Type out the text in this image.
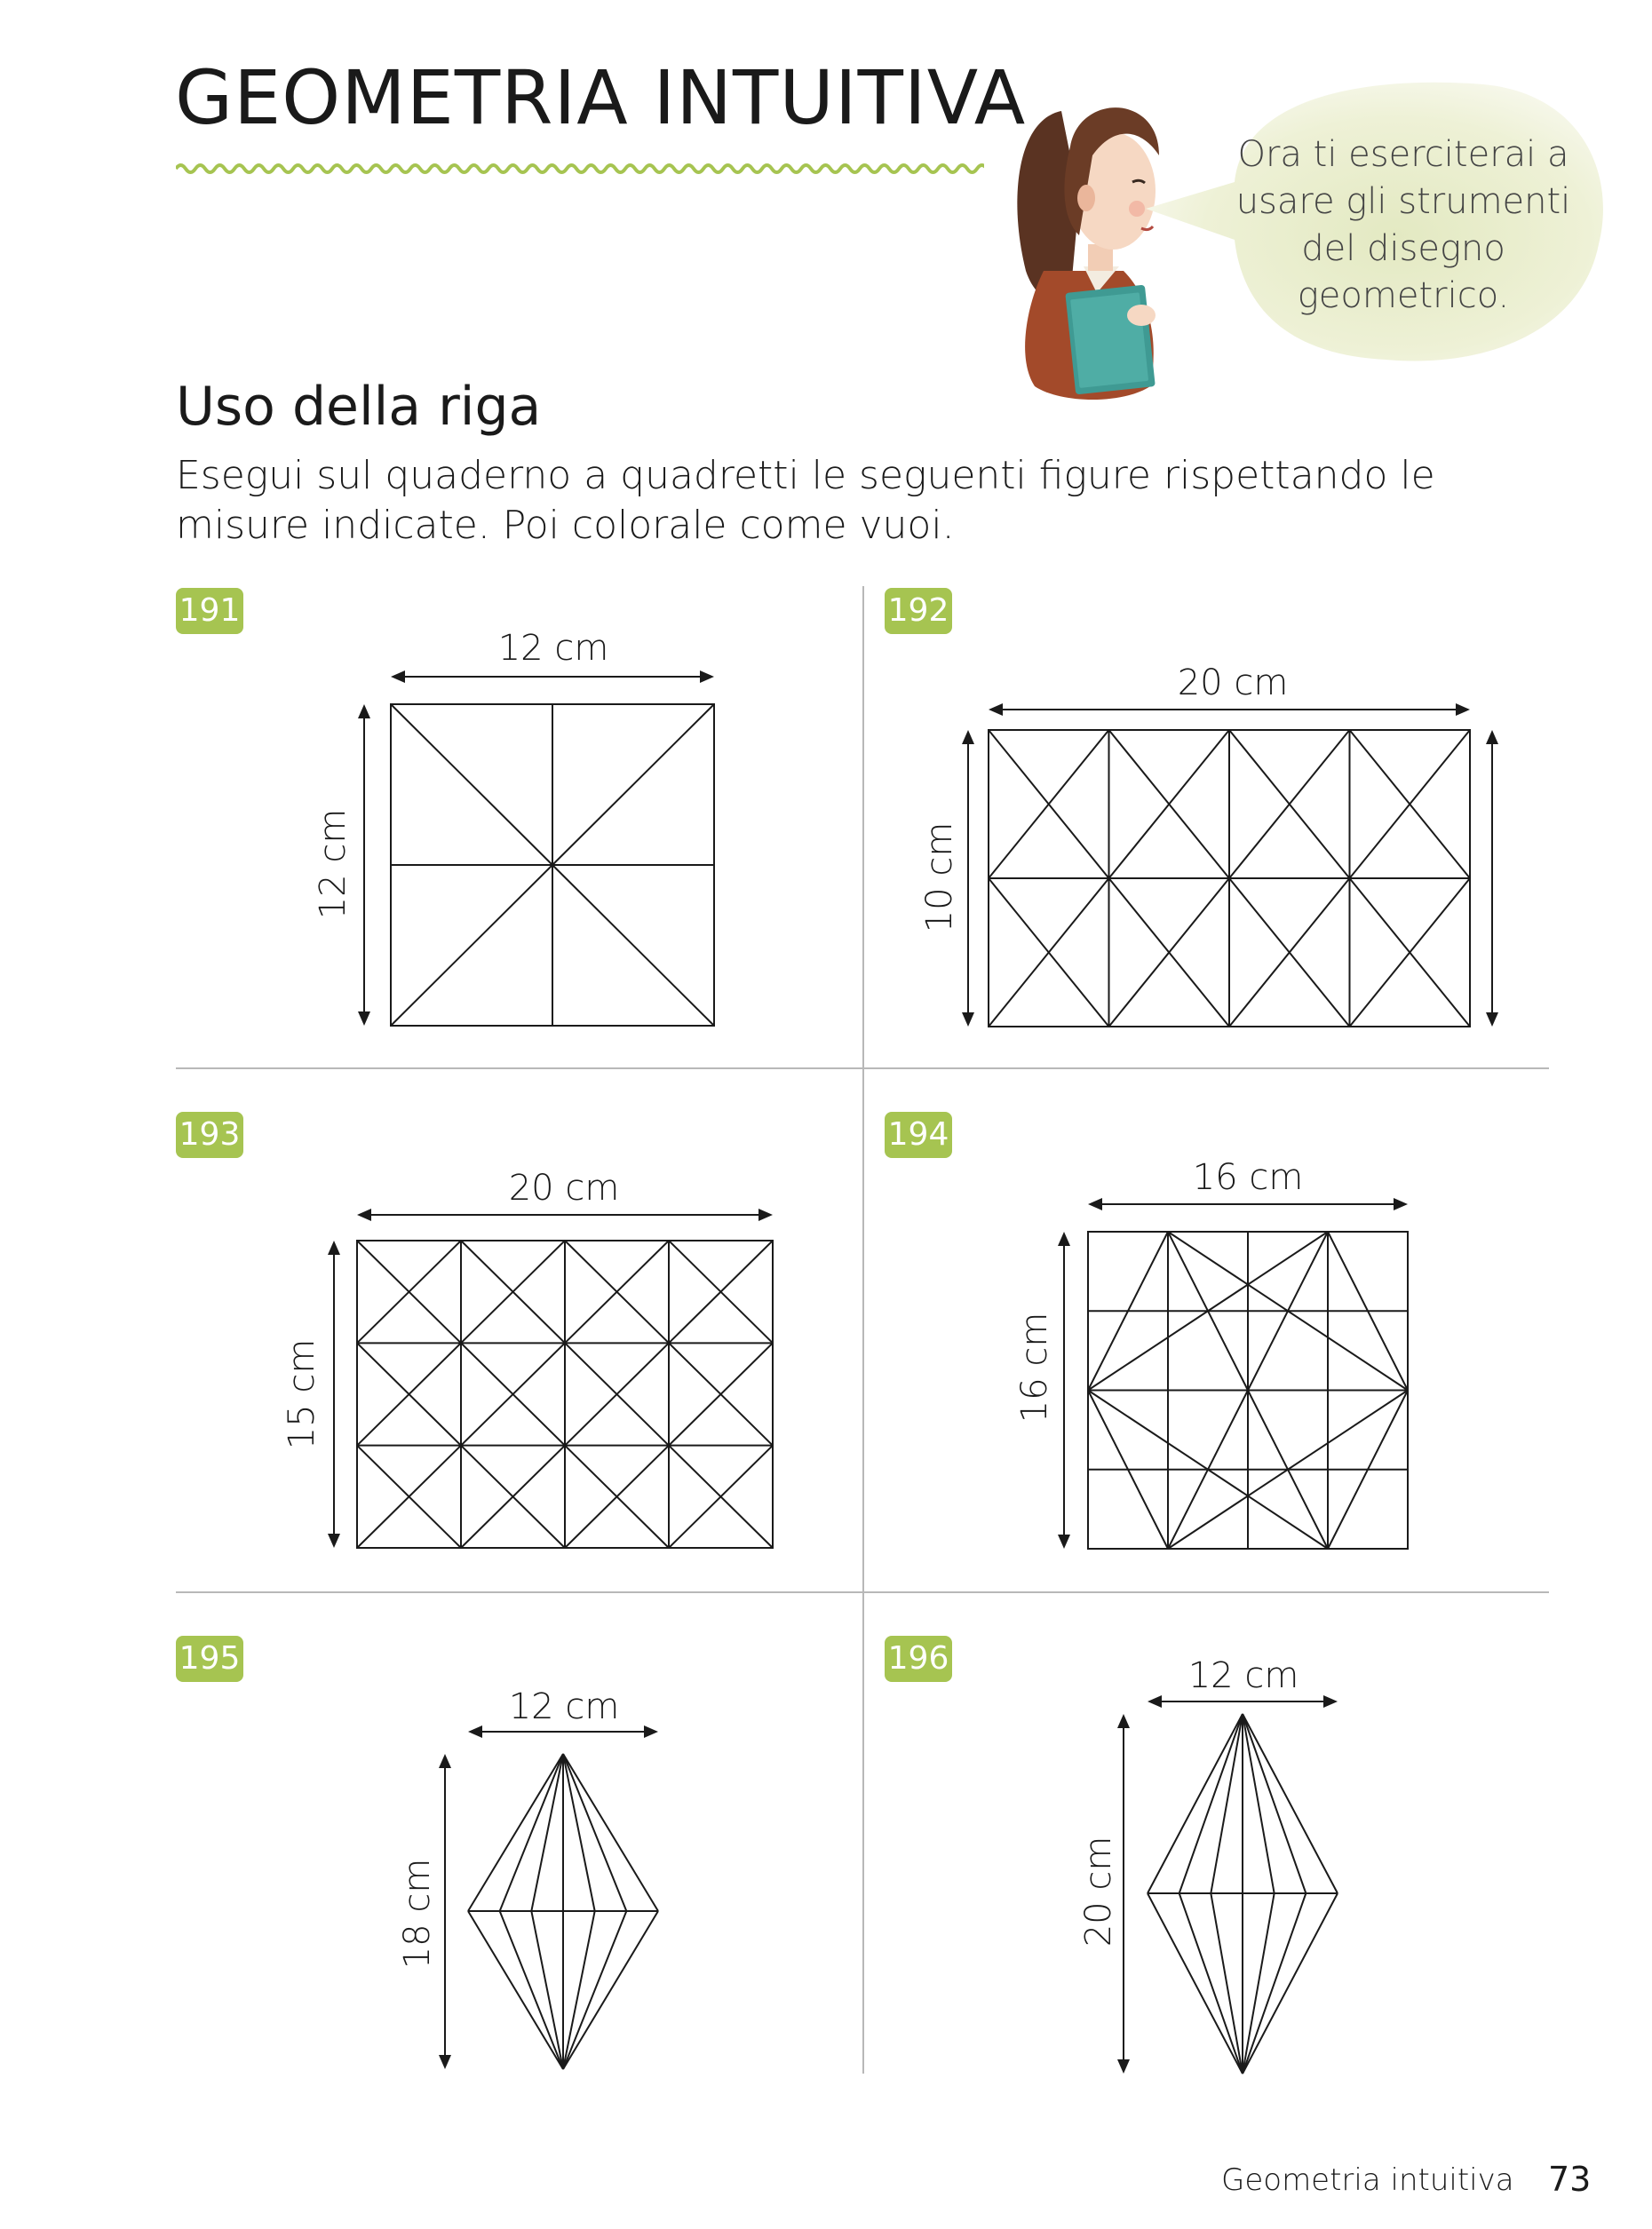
GEOMETRIA INTUITIVA

Ora ti eserciterai a
usare gli strumenti
del disegno
geometrico.

Uso della riga

Esegui sul quaderno a quadretti le seguenti figure rispettando le misure indicate. Poi colorale come vuoi.

191
12 cm
12 cm
192
20 cm
10 cm
193
20 cm
15 cm
194
16 cm
16 cm
195
12 cm
18 cm
196	12 cm
20 cm
Geometria intuitiva 73
